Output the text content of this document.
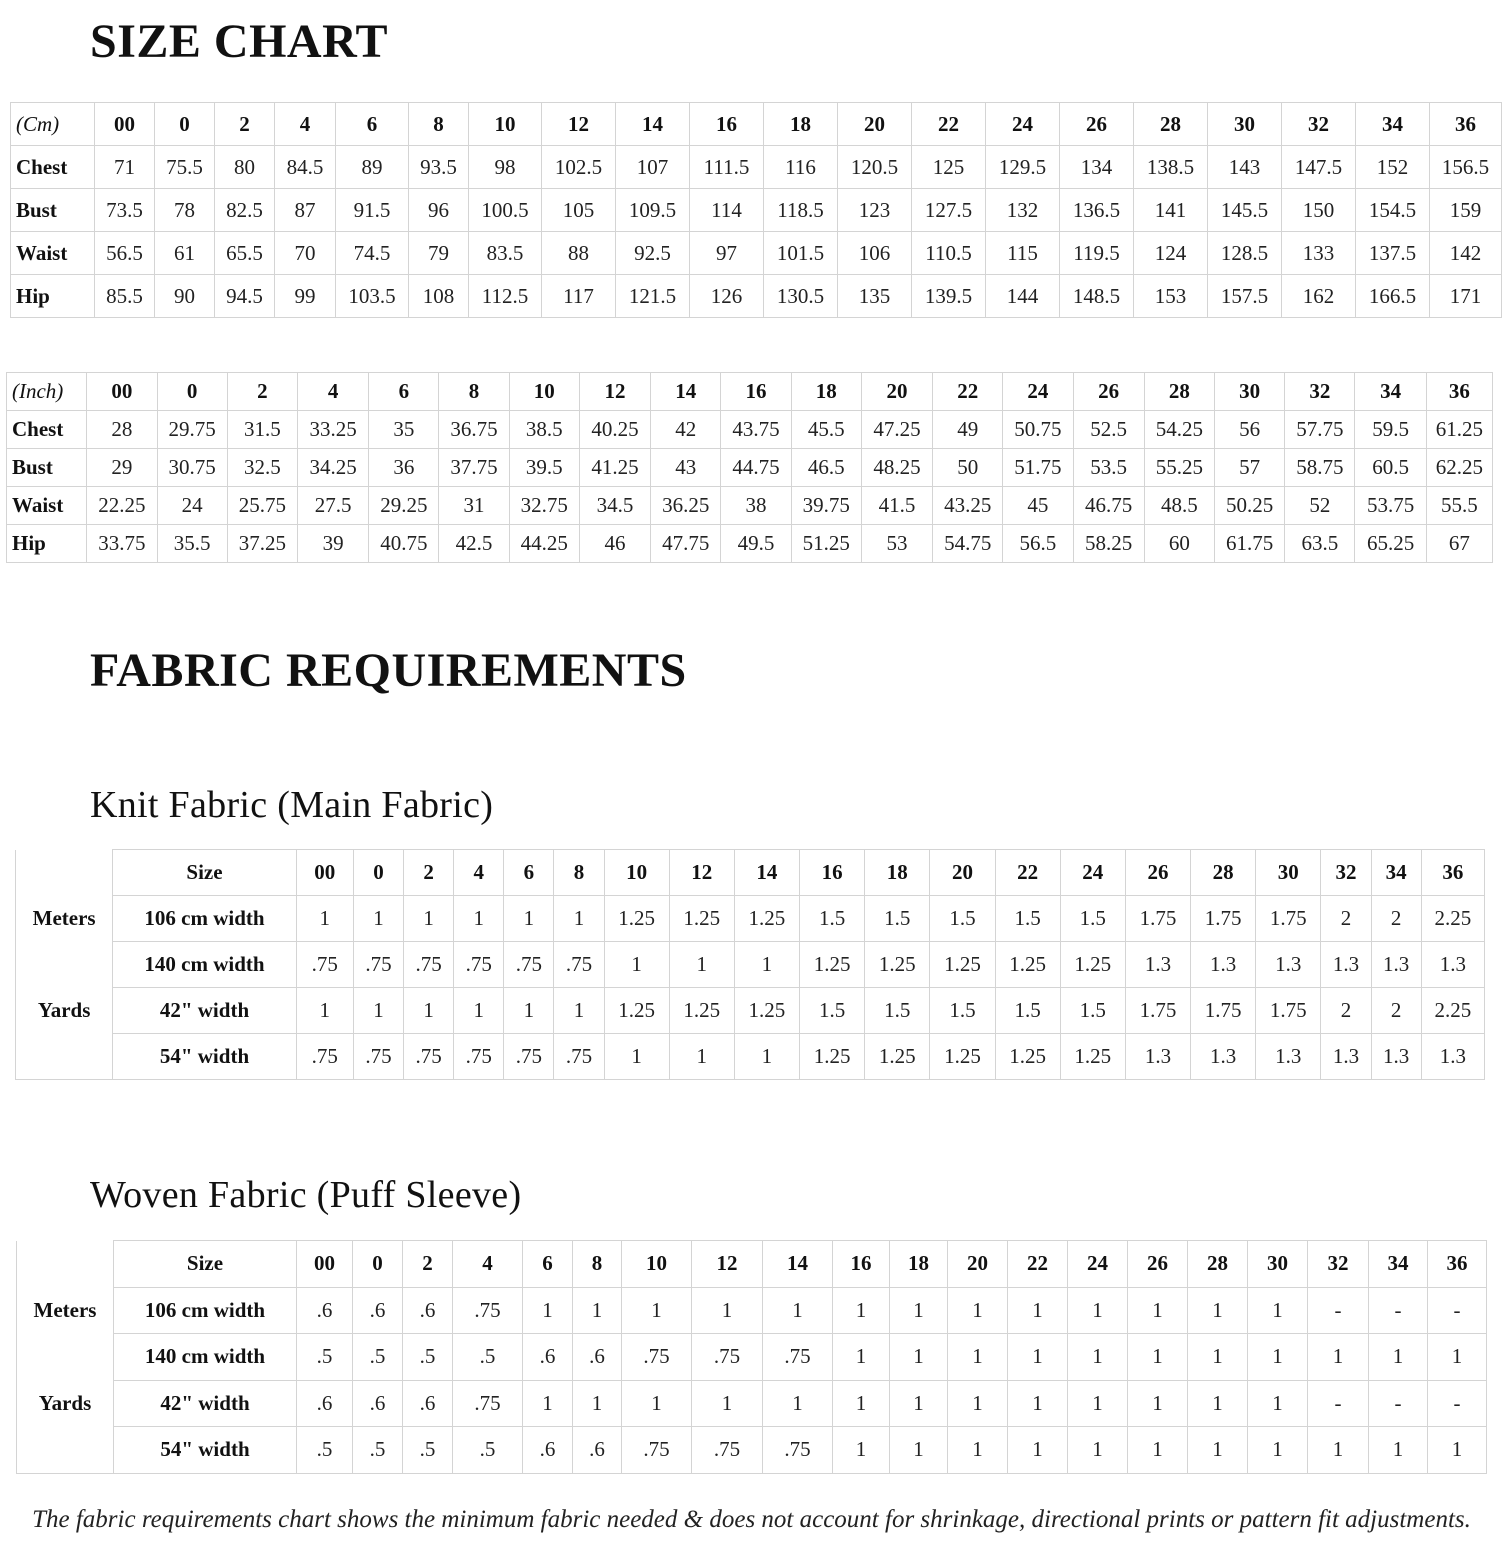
SIZE CHART
(Cm)	00	0	2	4	6	8	10	12	14	16	18	20	22	24	26	28	30	32	34	36
Chest	71	75.5	80	84.5	89	93.5	98	102.5	107	111.5	116	120.5	125	129.5	134	138.5	143	147.5	152	156.5
Bust	73.5	78	82.5	87	91.5	96	100.5	105	109.5	114	118.5	123	127.5	132	136.5	141	145.5	150	154.5	159
Waist	56.5	61	65.5	70	74.5	79	83.5	88	92.5	97	101.5	106	110.5	115	119.5	124	128.5	133	137.5	142
Hip	85.5	90	94.5	99	103.5	108	112.5	117	121.5	126	130.5	135	139.5	144	148.5	153	157.5	162	166.5	171
(Inch)	00	0	2	4	6	8	10	12	14	16	18	20	22	24	26	28	30	32	34	36
Chest	28	29.75	31.5	33.25	35	36.75	38.5	40.25	42	43.75	45.5	47.25	49	50.75	52.5	54.25	56	57.75	59.5	61.25
Bust	29	30.75	32.5	34.25	36	37.75	39.5	41.25	43	44.75	46.5	48.25	50	51.75	53.5	55.25	57	58.75	60.5	62.25
Waist	22.25	24	25.75	27.5	29.25	31	32.75	34.5	36.25	38	39.75	41.5	43.25	45	46.75	48.5	50.25	52	53.75	55.5
Hip	33.75	35.5	37.25	39	40.75	42.5	44.25	46	47.75	49.5	51.25	53	54.75	56.5	58.25	60	61.75	63.5	65.25	67
FABRIC REQUIREMENTS
Knit Fabric (Main Fabric)
	Size	00	0	2	4	6	8	10	12	14	16	18	20	22	24	26	28	30	32	34	36
Meters	106 cm width	1	1	1	1	1	1	1.25	1.25	1.25	1.5	1.5	1.5	1.5	1.5	1.75	1.75	1.75	2	2	2.25
	140 cm width	.75	.75	.75	.75	.75	.75	1	1	1	1.25	1.25	1.25	1.25	1.25	1.3	1.3	1.3	1.3	1.3	1.3
Yards	42" width	1	1	1	1	1	1	1.25	1.25	1.25	1.5	1.5	1.5	1.5	1.5	1.75	1.75	1.75	2	2	2.25
	54" width	.75	.75	.75	.75	.75	.75	1	1	1	1.25	1.25	1.25	1.25	1.25	1.3	1.3	1.3	1.3	1.3	1.3
Woven Fabric (Puff Sleeve)
	Size	00	0	2	4	6	8	10	12	14	16	18	20	22	24	26	28	30	32	34	36
Meters	106 cm width	.6	.6	.6	.75	1	1	1	1	1	1	1	1	1	1	1	1	1	-	-	-
	140 cm width	.5	.5	.5	.5	.6	.6	.75	.75	.75	1	1	1	1	1	1	1	1	1	1	1
Yards	42" width	.6	.6	.6	.75	1	1	1	1	1	1	1	1	1	1	1	1	1	-	-	-
	54" width	.5	.5	.5	.5	.6	.6	.75	.75	.75	1	1	1	1	1	1	1	1	1	1	1
The fabric requirements chart shows the minimum fabric needed & does not account for shrinkage, directional prints or pattern fit adjustments.
